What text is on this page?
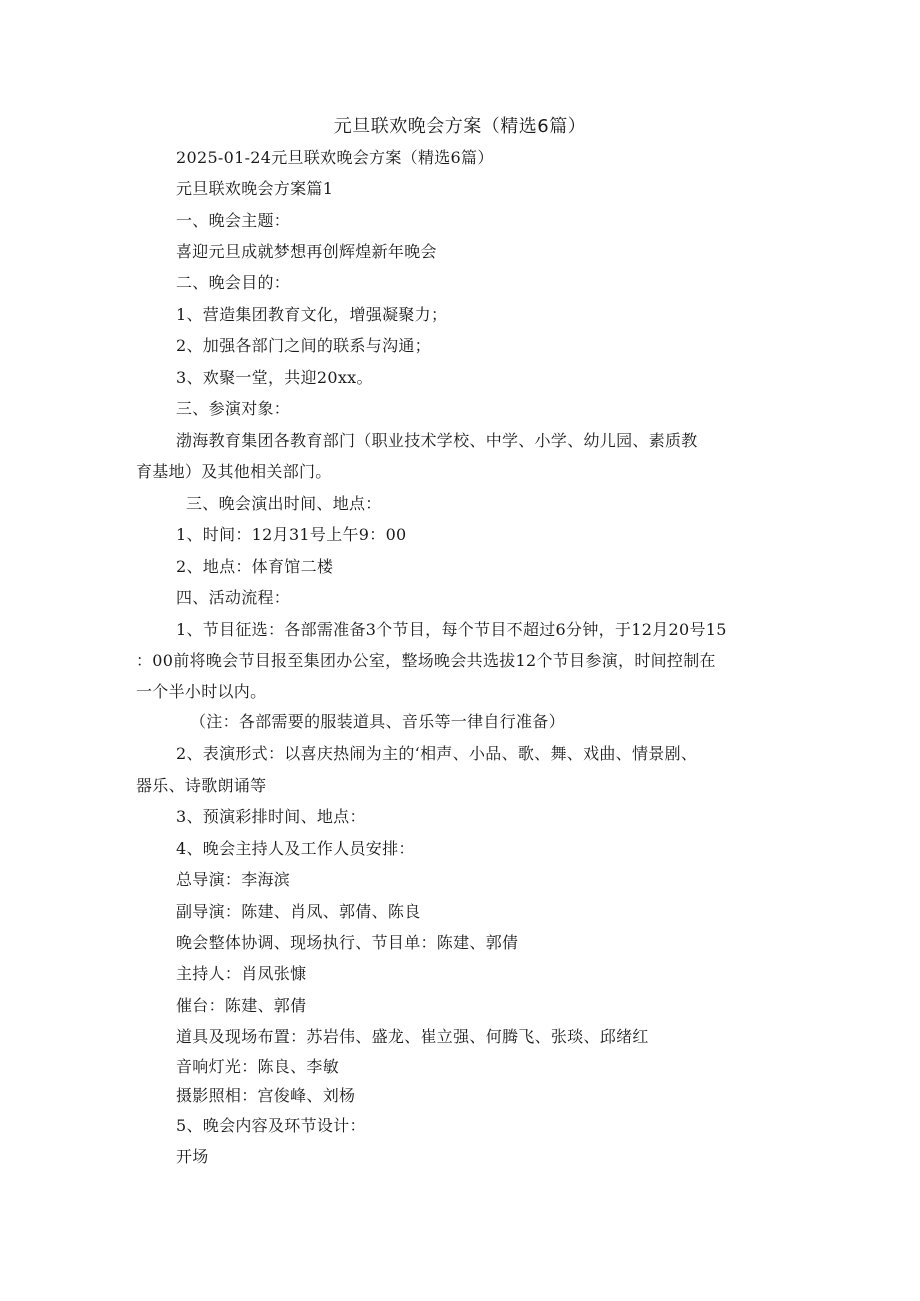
元旦联欢晚会方案（精选6篇）
2025-01-24元旦联欢晚会方案（精选6篇）
元旦联欢晚会方案篇1
一、晚会主题：
喜迎元旦成就梦想再创辉煌新年晚会
二、晚会目的：
1、营造集团教育文化，增强凝聚力；
2、加强各部门之间的联系与沟通；
3、欢聚一堂，共迎20xx。
三、参演对象：
渤海教育集团各教育部门（职业技术学校、中学、小学、幼儿园、素质教
育基地）及其他相关部门。
三、晚会演出时间、地点：
1、时间：12月31号上午9：00
2、地点：体育馆二楼
四、活动流程：
1、节目征选：各部需准备3个节目，每个节目不超过6分钟，于12月20号15
：00前将晚会节目报至集团办公室，整场晚会共选拔12个节目参演，时间控制在
一个半小时以内。
（注：各部需要的服装道具、音乐等一律自行准备）
2、表演形式：以喜庆热闹为主的‘相声、小品、歌、舞、戏曲、情景剧、
器乐、诗歌朗诵等
3、预演彩排时间、地点：
4、晚会主持人及工作人员安排：
总导演：李海滨
副导演：陈建、肖凤、郭倩、陈良
晚会整体协调、现场执行、节目单：陈建、郭倩
主持人：肖凤张慷
催台：陈建、郭倩
道具及现场布置：苏岩伟、盛龙、崔立强、何腾飞、张琰、邱绪红
音响灯光：陈良、李敏
摄影照相：宫俊峰、刘杨
5、晚会内容及环节设计：
开场
